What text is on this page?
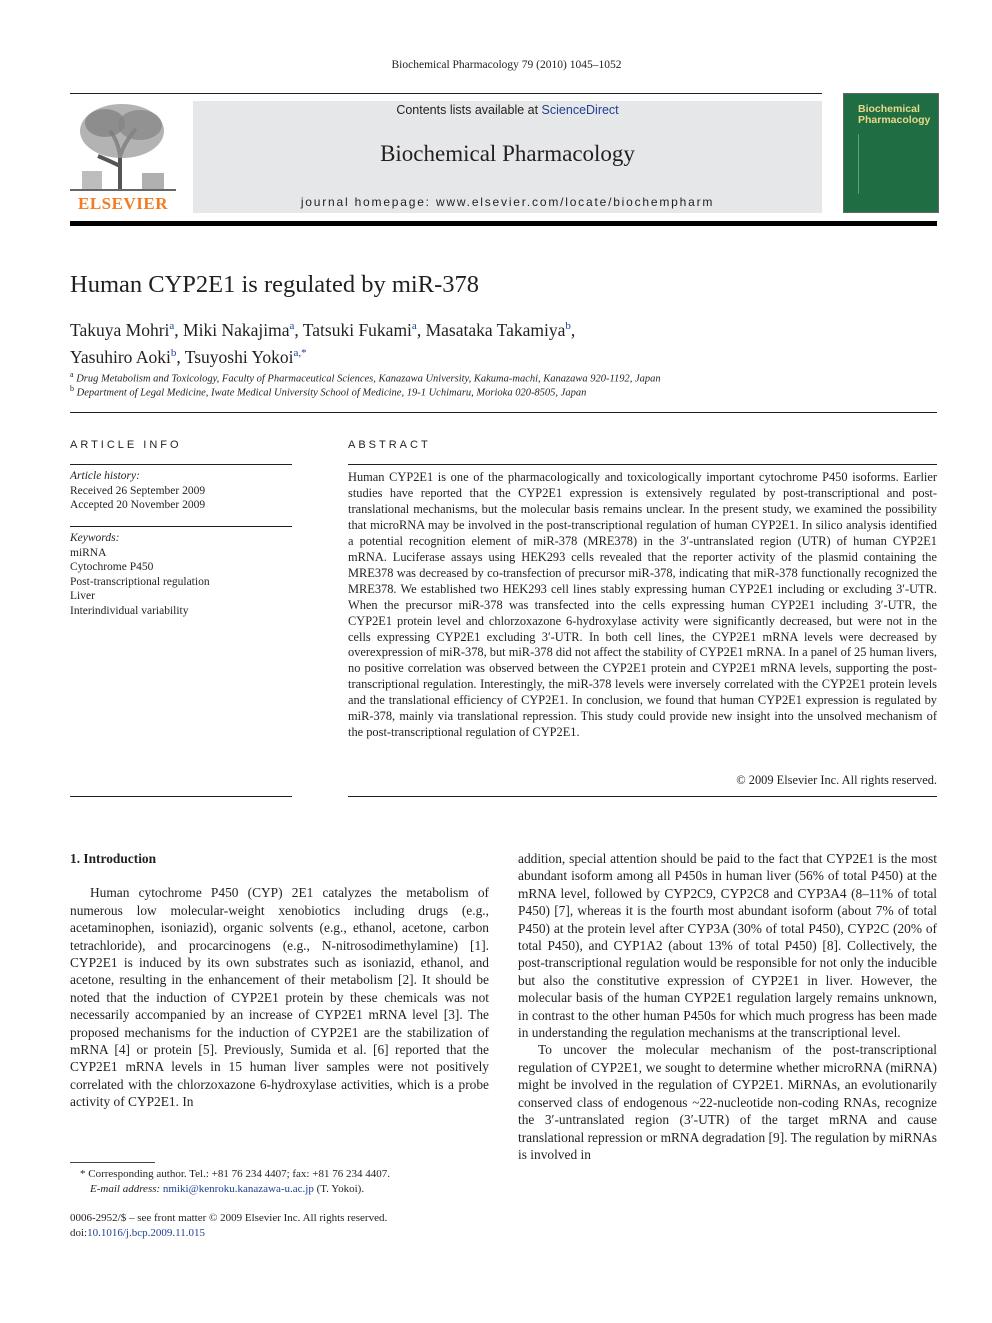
Biochemical Pharmacology 79 (2010) 1045–1052
ELSEVIER
Contents lists available at ScienceDirect
Biochemical Pharmacology
journal homepage: www.elsevier.com/locate/biochempharm
Biochemical Pharmacology
Human CYP2E1 is regulated by miR-378
Takuya Mohri$^a$, Miki Nakajima$^a$, Tatsuki Fukami$^a$, Masataka Takamiya$^b$,
Yasuhiro Aoki$^b$, Tsuyoshi Yokoi$^{a,*}$
$^a$ Drug Metabolism and Toxicology, Faculty of Pharmaceutical Sciences, Kanazawa University, Kakuma-machi, Kanazawa 920-1192, Japan
$^b$ Department of Legal Medicine, Iwate Medical University School of Medicine, 19-1 Uchimaru, Morioka 020-8505, Japan
ARTICLE INFO
Article history:
Received 26 September 2009
Accepted 20 November 2009
Keywords:
miRNA
Cytochrome P450
Post-transcriptional regulation
Liver
Interindividual variability
ABSTRACT
Human CYP2E1 is one of the pharmacologically and toxicologically important cytochrome P450 isoforms. Earlier studies have reported that the CYP2E1 expression is extensively regulated by post-transcriptional and post-translational mechanisms, but the molecular basis remains unclear. In the present study, we examined the possibility that microRNA may be involved in the post-transcriptional regulation of human CYP2E1. In silico analysis identified a potential recognition element of miR-378 (MRE378) in the 3′-untranslated region (UTR) of human CYP2E1 mRNA. Luciferase assays using HEK293 cells revealed that the reporter activity of the plasmid containing the MRE378 was decreased by co-transfection of precursor miR-378, indicating that miR-378 functionally recognized the MRE378. We established two HEK293 cell lines stably expressing human CYP2E1 including or excluding 3′-UTR. When the precursor miR-378 was transfected into the cells expressing human CYP2E1 including 3′-UTR, the CYP2E1 protein level and chlorzoxazone 6-hydroxylase activity were significantly decreased, but were not in the cells expressing CYP2E1 excluding 3′-UTR. In both cell lines, the CYP2E1 mRNA levels were decreased by overexpression of miR-378, but miR-378 did not affect the stability of CYP2E1 mRNA. In a panel of 25 human livers, no positive correlation was observed between the CYP2E1 protein and CYP2E1 mRNA levels, supporting the post-transcriptional regulation. Interestingly, the miR-378 levels were inversely correlated with the CYP2E1 protein levels and the translational efficiency of CYP2E1. In conclusion, we found that human CYP2E1 expression is regulated by miR-378, mainly via translational repression. This study could provide new insight into the unsolved mechanism of the post-transcriptional regulation of CYP2E1.
© 2009 Elsevier Inc. All rights reserved.
1. Introduction

Human cytochrome P450 (CYP) 2E1 catalyzes the metabolism of numerous low molecular-weight xenobiotics including drugs (e.g., acetaminophen, isoniazid), organic solvents (e.g., ethanol, acetone, carbon tetrachloride), and procarcinogens (e.g., N-nitrosodimethylamine) [1]. CYP2E1 is induced by its own substrates such as isoniazid, ethanol, and acetone, resulting in the enhancement of their metabolism [2]. It should be noted that the induction of CYP2E1 protein by these chemicals was not necessarily accompanied by an increase of CYP2E1 mRNA level [3]. The proposed mechanisms for the induction of CYP2E1 are the stabilization of mRNA [4] or protein [5]. Previously, Sumida et al. [6] reported that the CYP2E1 mRNA levels in 15 human liver samples were not positively correlated with the chlorzoxazone 6-hydroxylase activities, which is a probe activity of CYP2E1. In

addition, special attention should be paid to the fact that CYP2E1 is the most abundant isoform among all P450s in human liver (56% of total P450) at the mRNA level, followed by CYP2C9, CYP2C8 and CYP3A4 (8–11% of total P450) [7], whereas it is the fourth most abundant isoform (about 7% of total P450) at the protein level after CYP3A (30% of total P450), CYP2C (20% of total P450), and CYP1A2 (about 13% of total P450) [8]. Collectively, the post-transcriptional regulation would be responsible for not only the inducible but also the constitutive expression of CYP2E1 in liver. However, the molecular basis of the human CYP2E1 regulation largely remains unknown, in contrast to the other human P450s for which much progress has been made in understanding the regulation mechanisms at the transcriptional level.

To uncover the molecular mechanism of the post-transcriptional regulation of CYP2E1, we sought to determine whether microRNA (miRNA) might be involved in the regulation of CYP2E1. MiRNAs, an evolutionarily conserved class of endogenous ~22-nucleotide non-coding RNAs, recognize the 3′-untranslated region (3′-UTR) of the target mRNA and cause translational repression or mRNA degradation [9]. The regulation by miRNAs is involved in

* Corresponding author. Tel.: +81 76 234 4407; fax: +81 76 234 4407.
E-mail address: nmiki@kenroku.kanazawa-u.ac.jp (T. Yokoi).
0006-2952/$ – see front matter © 2009 Elsevier Inc. All rights reserved.
doi:10.1016/j.bcp.2009.11.015
